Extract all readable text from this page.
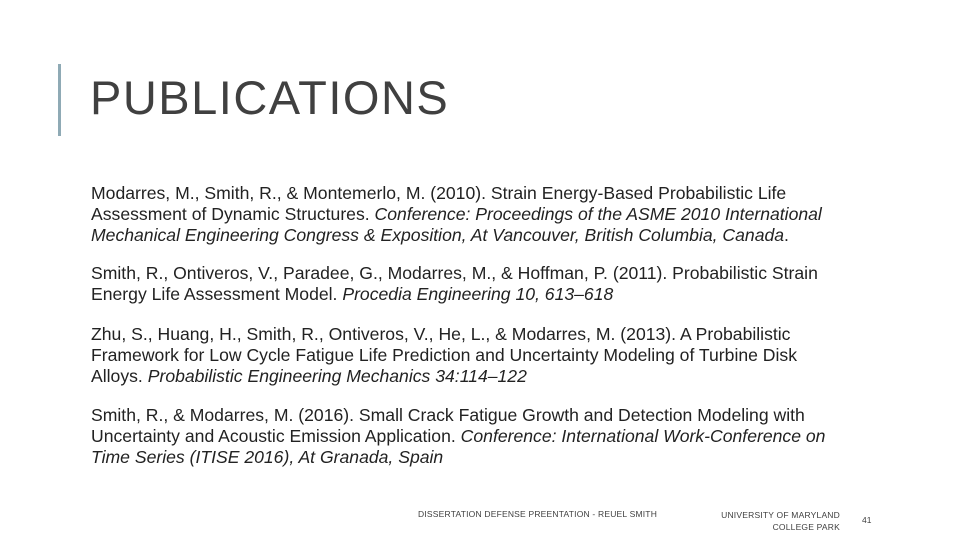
PUBLICATIONS
Modarres, M., Smith, R., & Montemerlo, M. (2010). Strain Energy-Based Probabilistic Life Assessment of Dynamic Structures. Conference: Proceedings of the ASME 2010 International Mechanical Engineering Congress & Exposition, At Vancouver, British Columbia, Canada.
Smith, R., Ontiveros, V., Paradee, G., Modarres, M., & Hoffman, P. (2011). Probabilistic Strain Energy Life Assessment Model. Procedia Engineering 10, 613–618
Zhu, S., Huang, H., Smith, R., Ontiveros, V., He, L., & Modarres, M. (2013). A Probabilistic Framework for Low Cycle Fatigue Life Prediction and Uncertainty Modeling of Turbine Disk Alloys. Probabilistic Engineering Mechanics 34:114–122
Smith, R., & Modarres, M. (2016). Small Crack Fatigue Growth and Detection Modeling with Uncertainty and Acoustic Emission Application. Conference: International Work-Conference on Time Series (ITISE 2016), At Granada, Spain
DISSERTATION DEFENSE PREENTATION - REUEL SMITH	UNIVERSITY OF MARYLAND
COLLEGE PARK
41
